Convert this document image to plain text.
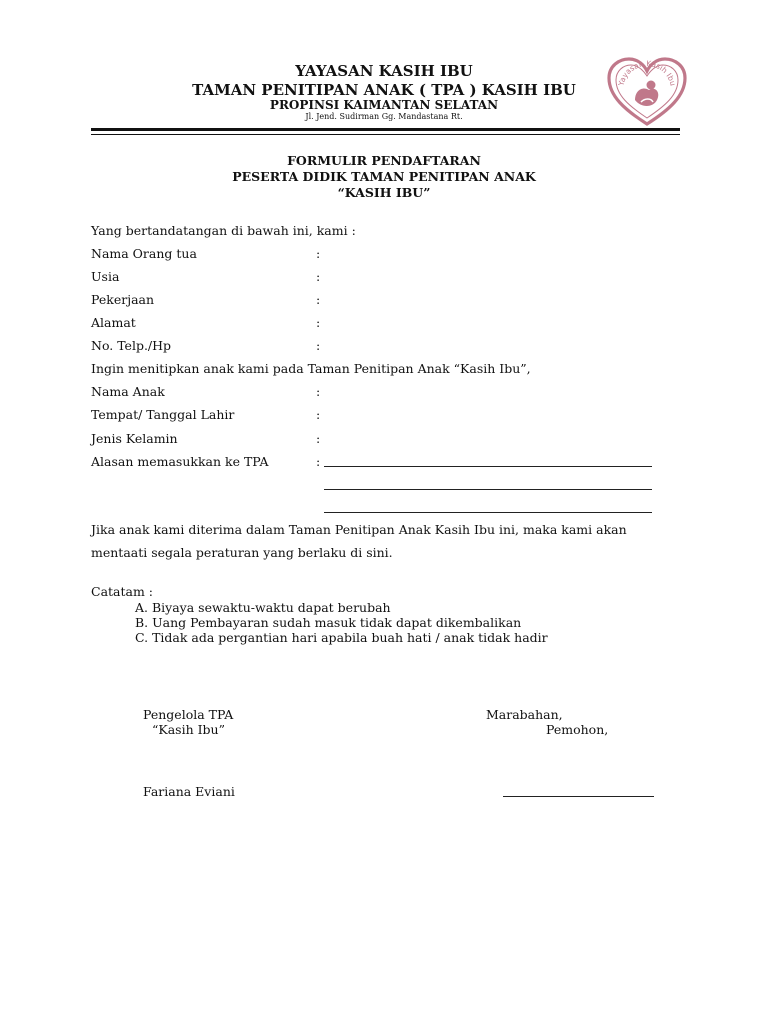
YAYASAN KASIH IBU
TAMAN PENITIPAN ANAK ( TPA ) KASIH IBU
PROPINSI KAIMANTAN SELATAN
Jl. Jend. Sudirman Gg. Mandastana Rt.
Yayasan Kasih Ibu
FORMULIR PENDAFTARAN
PESERTA DIDIK TAMAN PENITIPAN ANAK
“KASIH IBU”
Yang bertandatangan di bawah ini, kami :
Nama Orang tua	:
Usia	:
Pekerjaan	:
Alamat	:
No. Telp./Hp	:
Ingin menitipkan anak kami pada Taman Penitipan Anak “Kasih Ibu”,
Nama Anak	:
Tempat/ Tanggal Lahir	:
Jenis Kelamin	:
Alasan memasukkan ke TPA	:
Jika anak kami diterima dalam Taman Penitipan Anak Kasih Ibu ini, maka kami akan
mentaati segala peraturan yang berlaku di sini.
Catatam :
A. Biyaya sewaktu-waktu dapat berubah
B. Uang Pembayaran sudah masuk tidak dapat dikembalikan
C. Tidak ada pergantian hari apabila buah hati / anak tidak hadir
Pengelola TPA
“Kasih Ibu”
Fariana Eviani
Marabahan,
Pemohon,
